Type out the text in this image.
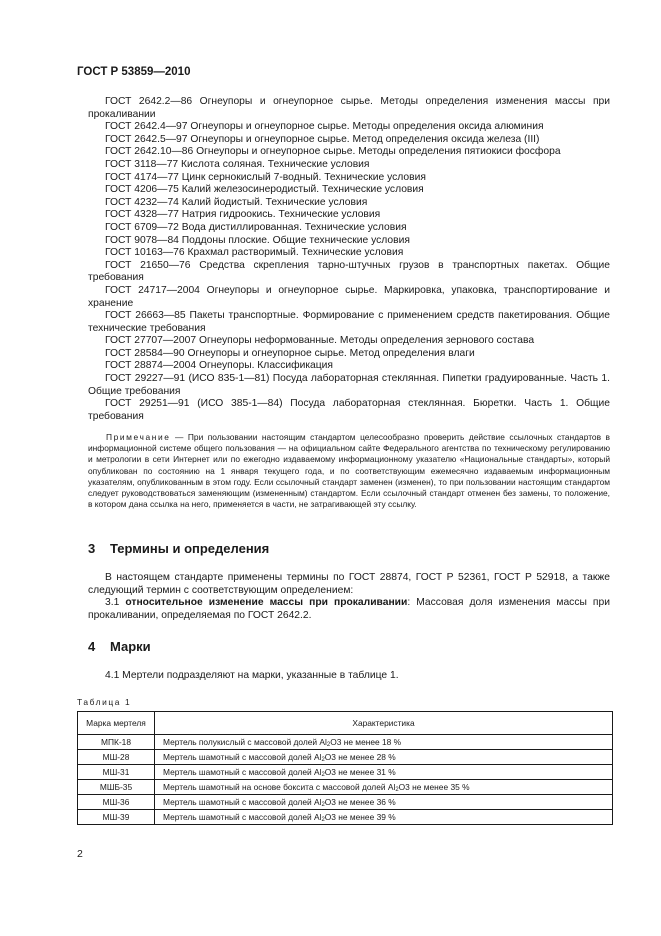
ГОСТ Р 53859—2010

ГОСТ 2642.2—86 Огнеупоры и огнеупорное сырье. Методы определения изменения массы при прокаливании

ГОСТ 2642.4—97 Огнеупоры и огнеупорное сырье. Методы определения оксида алюминия

ГОСТ 2642.5—97 Огнеупоры и огнеупорное сырье. Метод определения оксида железа (III)

ГОСТ 2642.10—86 Огнеупоры и огнеупорное сырье. Методы определения пятиокиси фосфора

ГОСТ 3118—77 Кислота соляная. Технические условия

ГОСТ 4174—77 Цинк сернокислый 7-водный. Технические условия

ГОСТ 4206—75 Калий железосинеродистый. Технические условия

ГОСТ 4232—74 Калий йодистый. Технические условия

ГОСТ 4328—77 Натрия гидроокись. Технические условия

ГОСТ 6709—72 Вода дистиллированная. Технические условия

ГОСТ 9078—84 Поддоны плоские. Общие технические условия

ГОСТ 10163—76 Крахмал растворимый. Технические условия

ГОСТ 21650—76 Средства скрепления тарно-штучных грузов в транспортных пакетах. Общие требования

ГОСТ 24717—2004 Огнеупоры и огнеупорное сырье. Маркировка, упаковка, транспортирование и хранение

ГОСТ 26663—85 Пакеты транспортные. Формирование с применением средств пакетирования. Общие технические требования

ГОСТ 27707—2007 Огнеупоры неформованные. Методы определения зернового состава

ГОСТ 28584—90 Огнеупоры и огнеупорное сырье. Метод определения влаги

ГОСТ 28874—2004 Огнеупоры. Классификация

ГОСТ 29227—91 (ИСО 835-1—81) Посуда лабораторная стеклянная. Пипетки градуированные. Часть 1. Общие требования

ГОСТ 29251—91 (ИСО 385-1—84) Посуда лабораторная стеклянная. Бюретки. Часть 1. Общие требования

Примечание — При пользовании настоящим стандартом целесообразно проверить действие ссылочных стандартов в информационной системе общего пользования — на официальном сайте Федерального агентства по техническому регулированию и метрологии в сети Интернет или по ежегодно издаваемому информационному указателю «Национальные стандарты», который опубликован по состоянию на 1 января текущего года, и по соответствующим ежемесячно издаваемым информационным указателям, опубликованным в этом году. Если ссылочный стандарт заменен (изменен), то при пользовании настоящим стандартом следует руководствоваться заменяющим (измененным) стандартом. Если ссылочный стандарт отменен без замены, то положение, в котором дана ссылка на него, применяется в части, не затрагивающей эту ссылку.

3 Термины и определения

В настоящем стандарте применены термины по ГОСТ 28874, ГОСТ Р 52361, ГОСТ Р 52918, а также следующий термин с соответствующим определением:

3.1 относительное изменение массы при прокаливании: Массовая доля изменения массы при прокаливании, определяемая по ГОСТ 2642.2.

4 Марки

4.1 Мертели подразделяют на марки, указанные в таблице 1.

Таблица 1
Марка мертеля	Характеристика
МПК-18	Мертель полукислый с массовой долей $Al_2O3$ не менее 18 %
МШ-28	Мертель шамотный с массовой долей $Al_2O3$ не менее 28 %
МШ-31	Мертель шамотный с массовой долей $Al_2O3$ не менее 31 %
МШБ-35	Мертель шамотный на основе боксита с массовой долей $Al_2O3$ не менее 35 %
МШ-36	Мертель шамотный с массовой долей $Al_2O3$ не менее 36 %
МШ-39	Мертель шамотный с массовой долей $Al_2O3$ не менее 39 %
2
